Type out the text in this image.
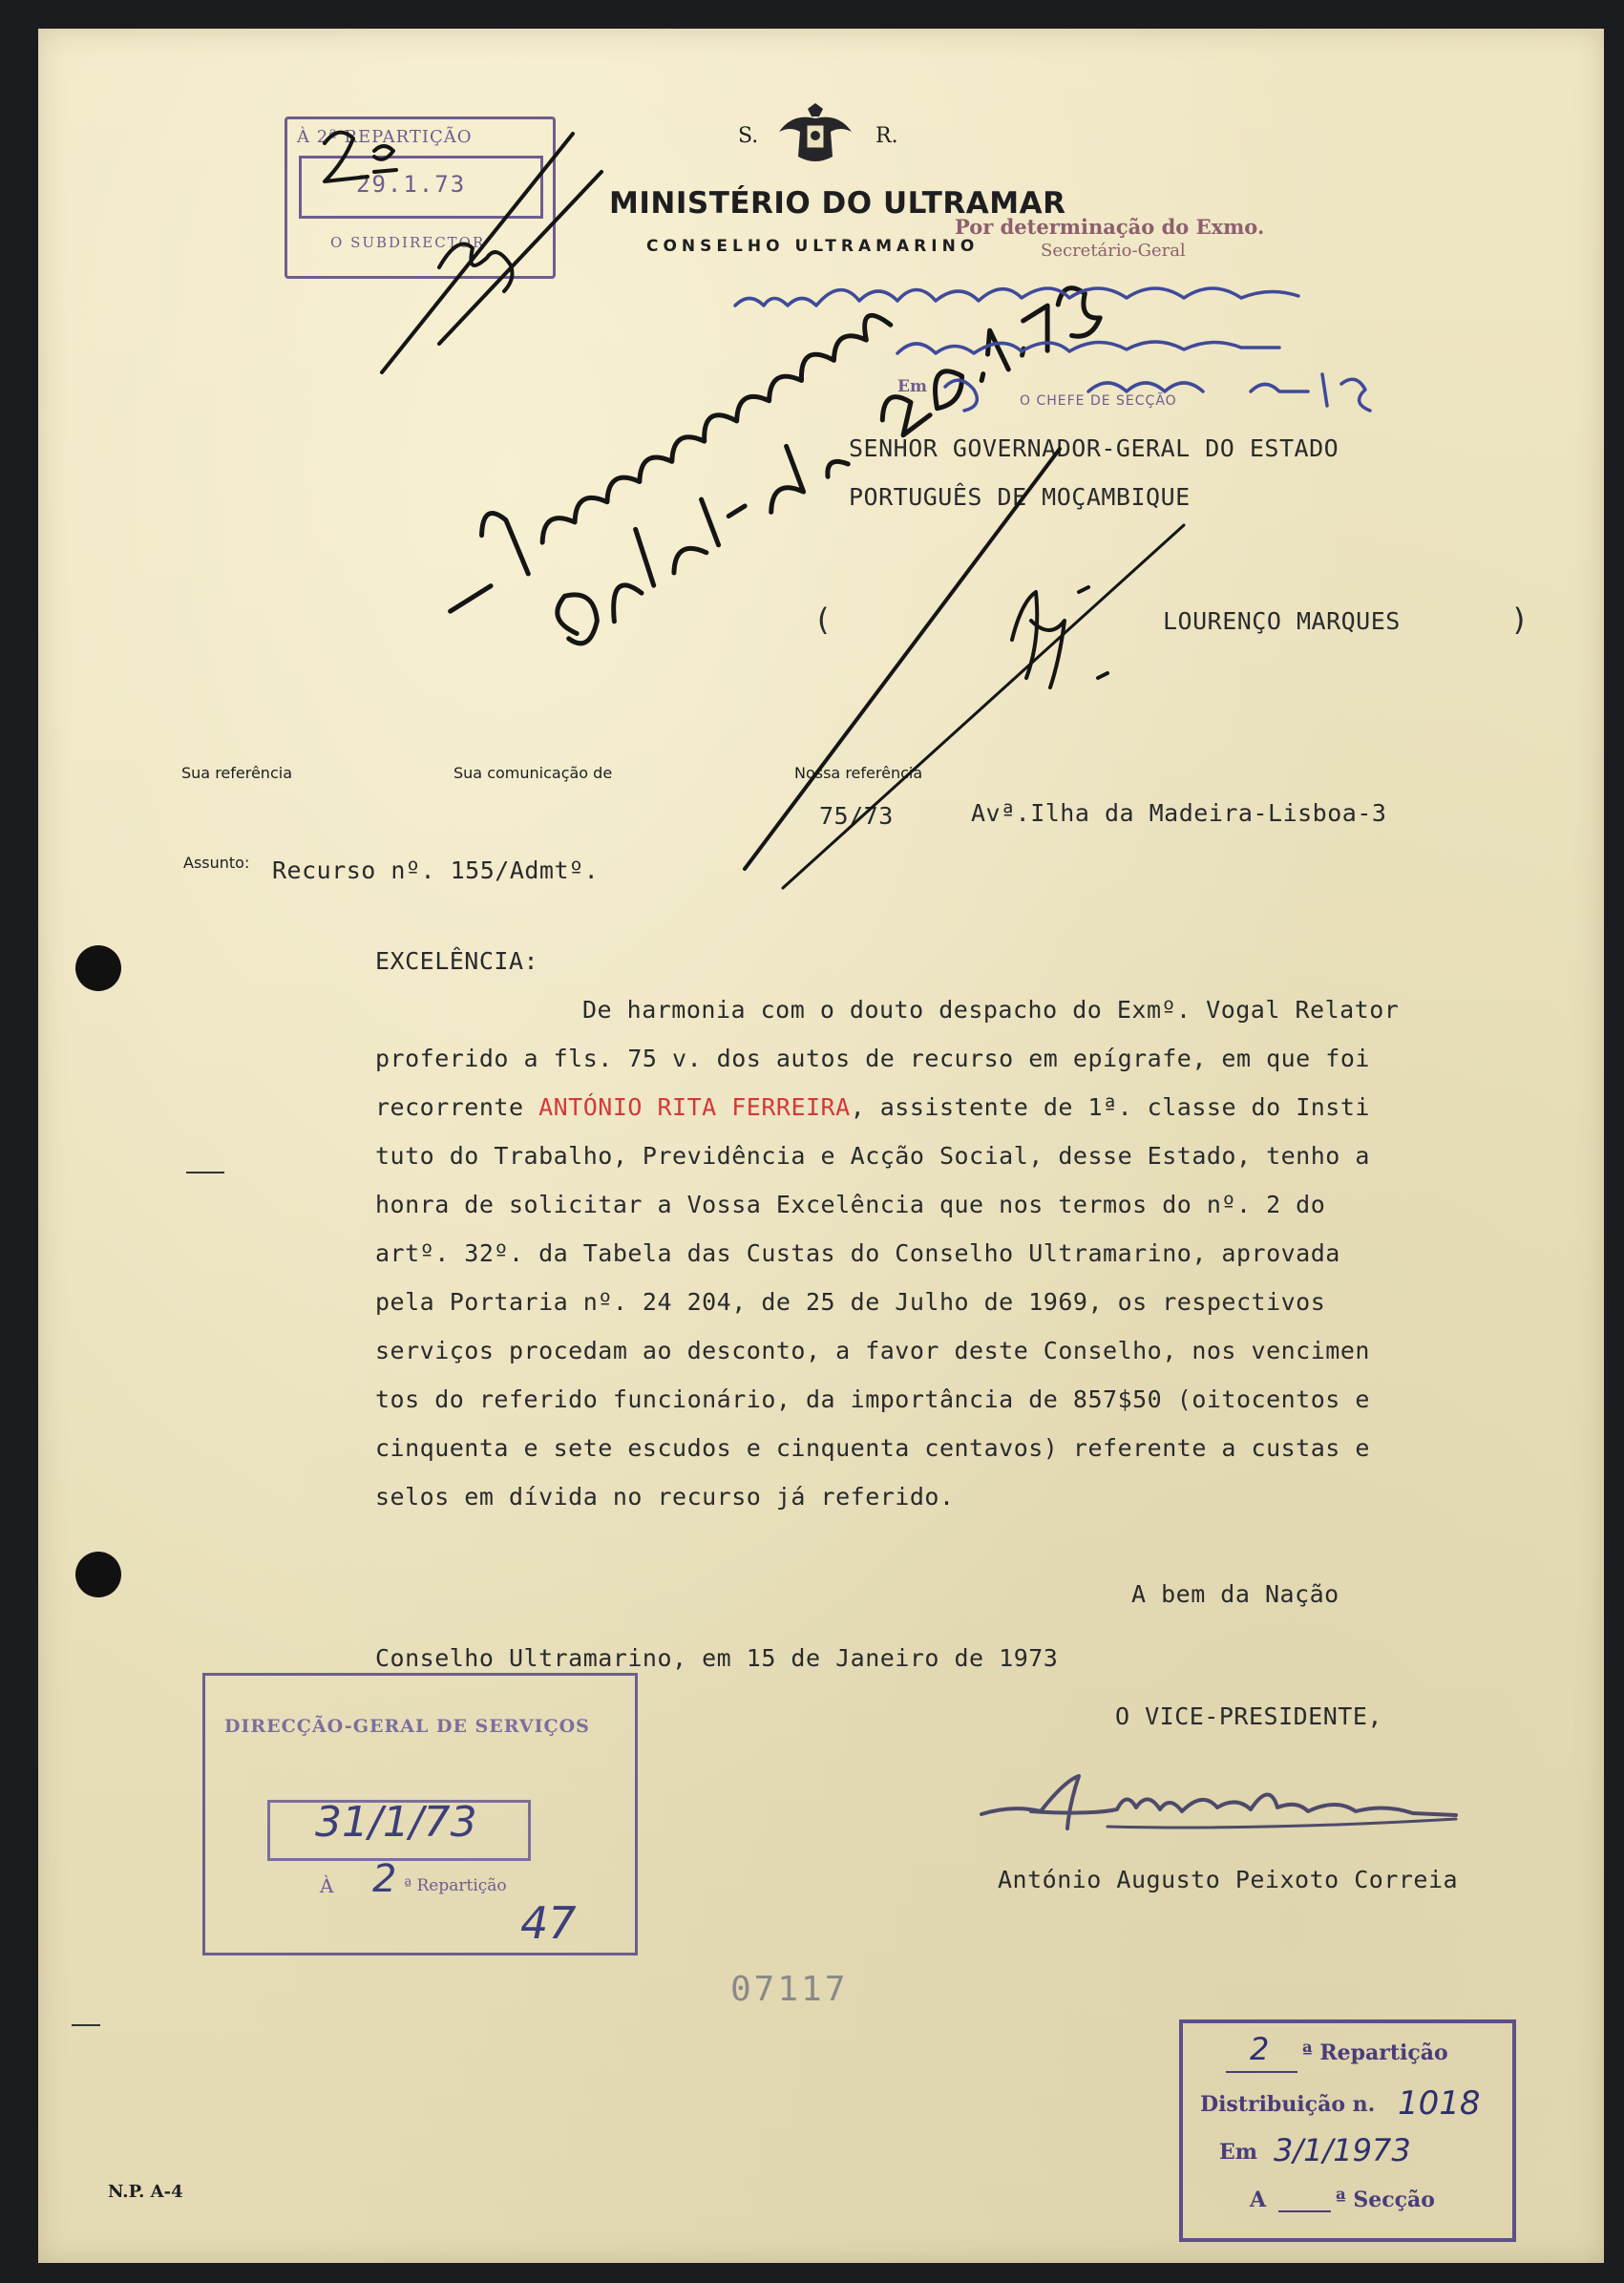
S.	R.
MINISTÉRIO DO ULTRAMAR
CONSELHO ULTRAMARINO
SENHOR GOVERNADOR-GERAL DO ESTADO
PORTUGUÊS DE MOÇAMBIQUE
LOURENÇO MARQUES
(	)
Sua referência	Sua comunicação de	Nossa referência
75/73	Avª.Ilha da Madeira-Lisboa-3
Assunto: Recurso nº. 155/Admtº.
EXCELÊNCIA:
De harmonia com o douto despacho do Exmº. Vogal Relator
proferido a fls. 75 v. dos autos de recurso em epígrafe, em que foi
recorrente ANTÓNIO RITA FERREIRA, assistente de 1ª. classe do Insti
tuto do Trabalho, Previdência e Acção Social, desse Estado, tenho a
honra de solicitar a Vossa Excelência que nos termos do nº. 2 do
artº. 32º. da Tabela das Custas do Conselho Ultramarino, aprovada
pela Portaria nº. 24 204, de 25 de Julho de 1969, os respectivos
serviços procedam ao desconto, a favor deste Conselho, nos vencimen
tos do referido funcionário, da importância de 857$50 (oitocentos e
cinquenta e sete escudos e cinquenta centavos) referente a custas e
selos em dívida no recurso já referido.
A bem da Nação
Conselho Ultramarino, em 15 de Janeiro de 1973
O VICE-PRESIDENTE,
António Augusto Peixoto Correia
À 2ª REPARTIÇÃO
29.1.73
O SUBDIRECTOR
Por determinação do Exmo.
Secretário-Geral
Em
O CHEFE DE SECÇÃO
DIRECÇÃO-GERAL DE SERVIÇOS
31/1/73
À 2 ª Repartição
47
07117
2 ª Repartição
Distribuição n. 1018
Em 3/1/1973
A	ª Secção
N.P. A-4
